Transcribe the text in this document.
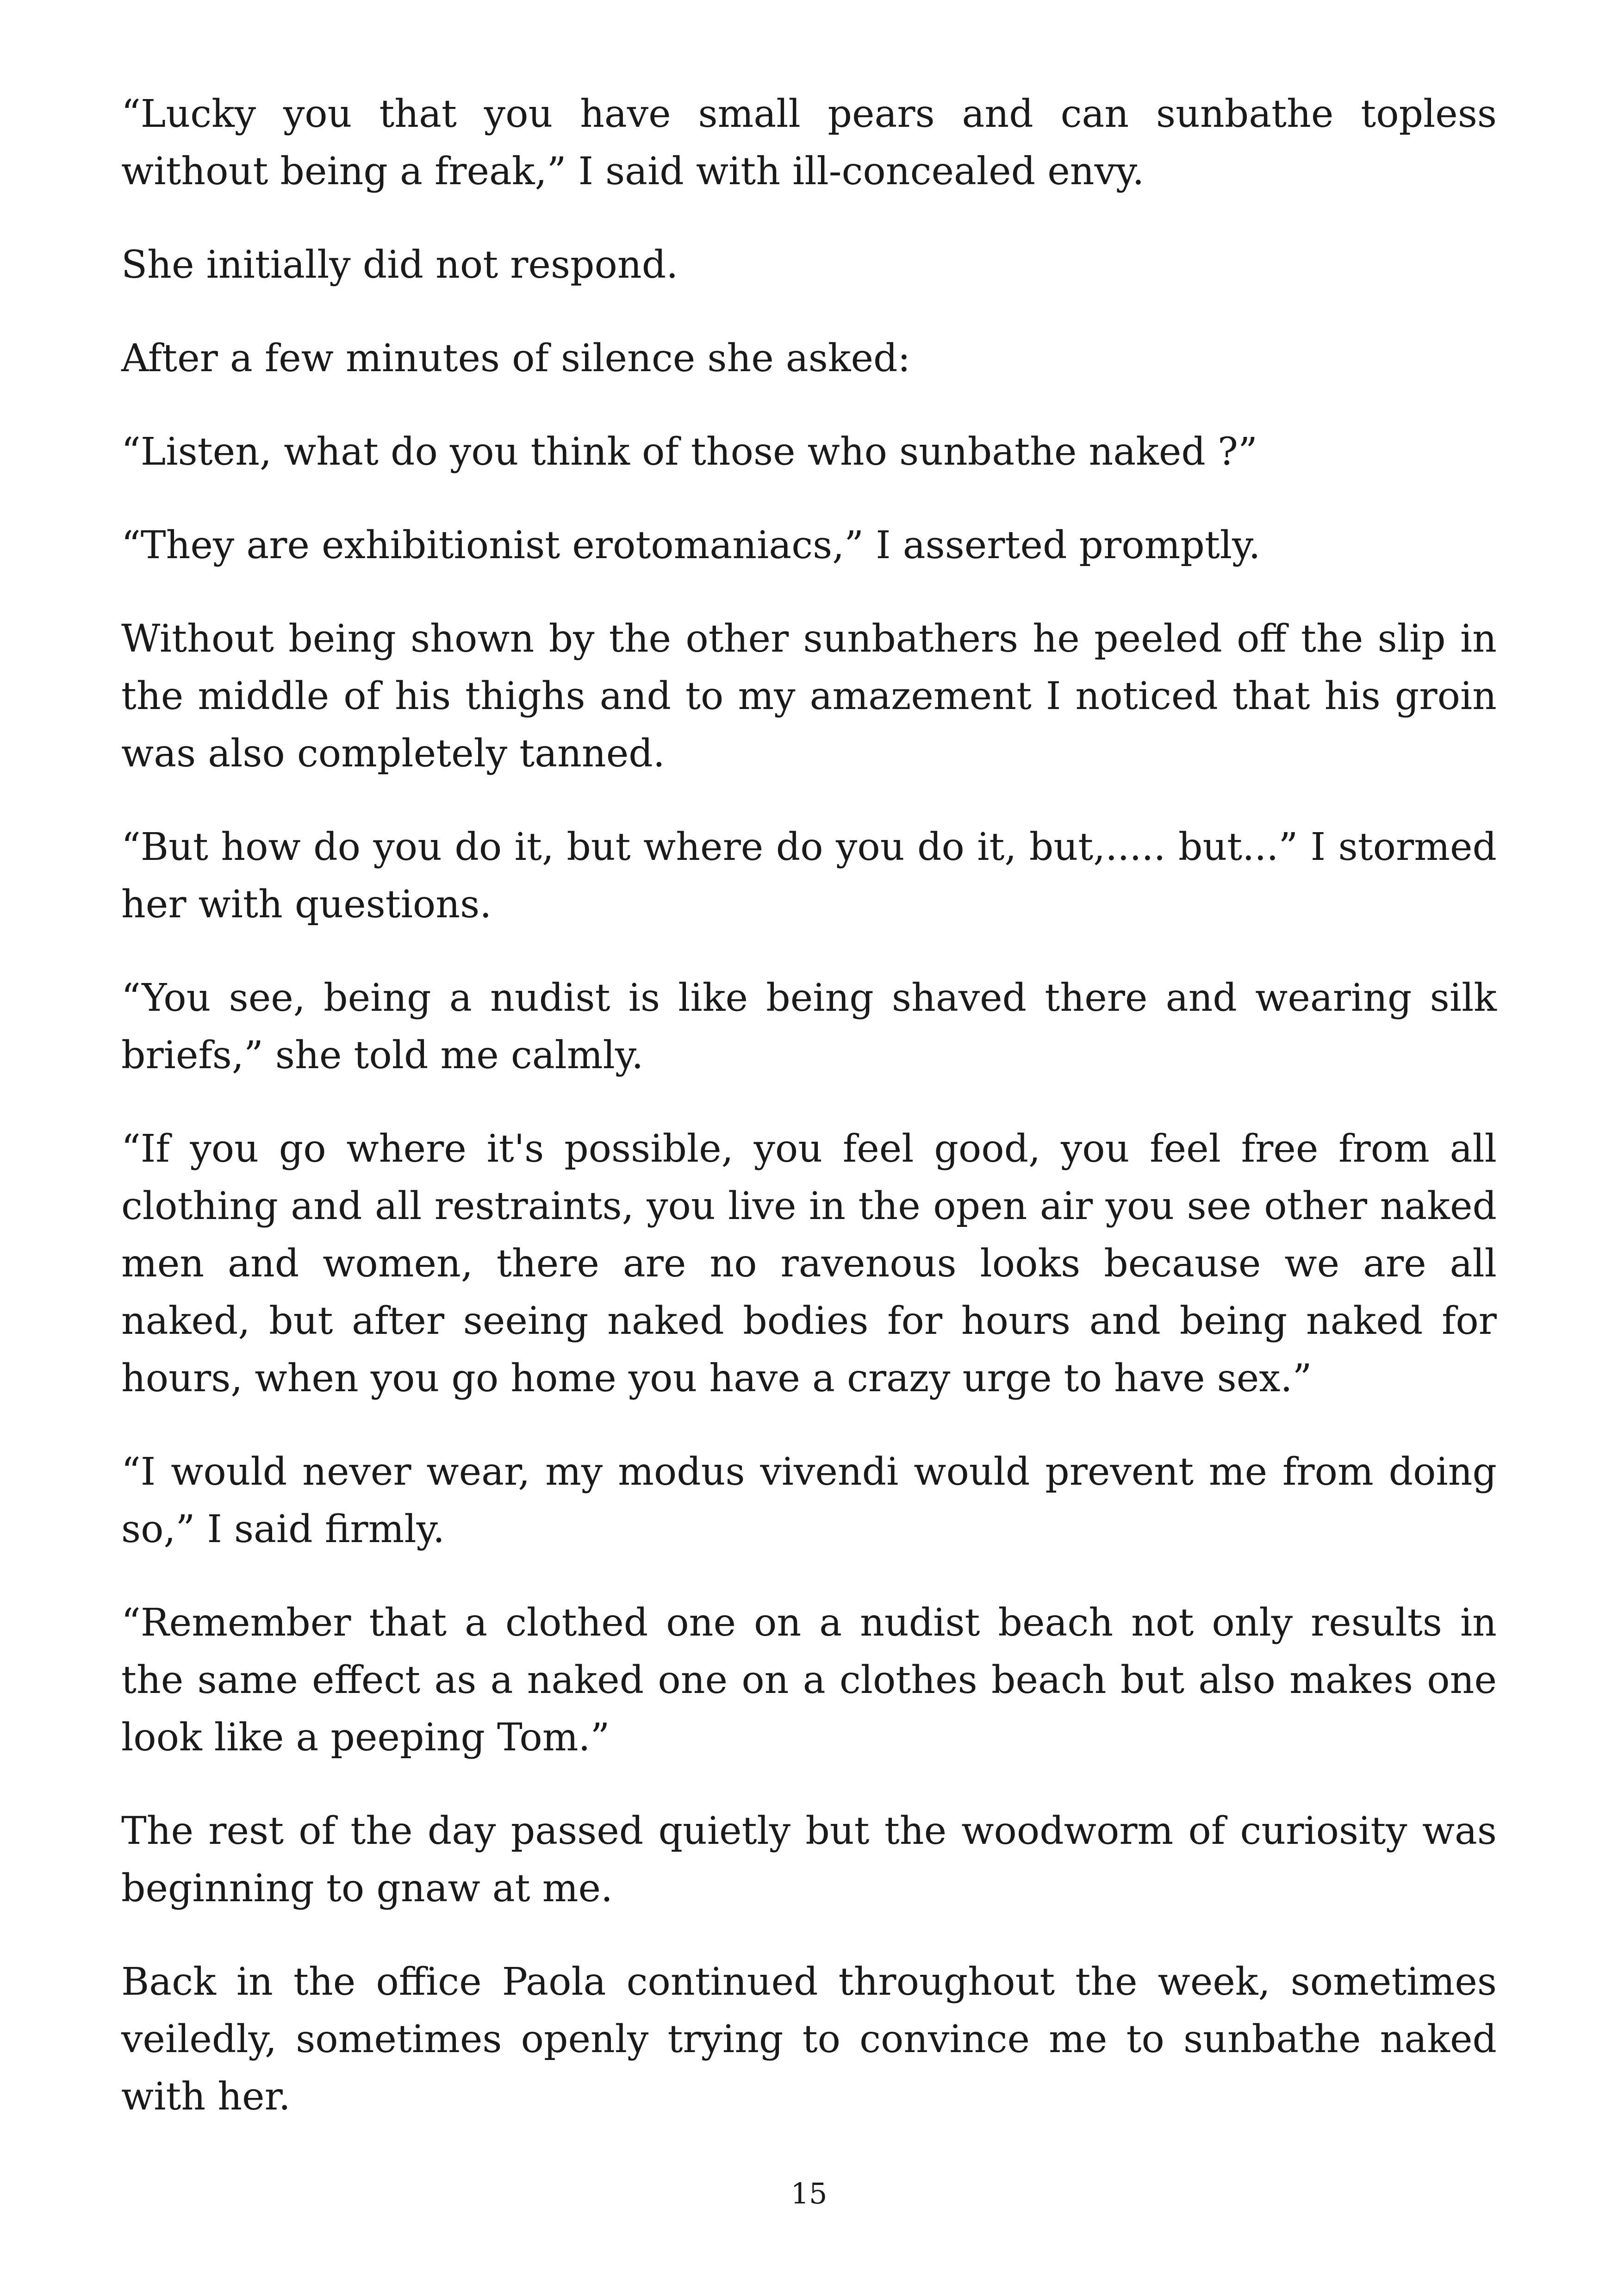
“Lucky you that you have small pears and can sunbathe topless without being a freak,” I said with ill-concealed envy.

She initially did not respond.

After a few minutes of silence she asked:

“Listen, what do you think of those who sunbathe naked ?”

“They are exhibitionist erotomaniacs,” I asserted promptly.

Without being shown by the other sunbathers he peeled off the slip in the middle of his thighs and to my amazement I noticed that his groin was also completely tanned.

“But how do you do it, but where do you do it, but,..... but...” I stormed her with questions.

“You see, being a nudist is like being shaved there and wearing silk briefs,” she told me calmly.

“If you go where it's possible, you feel good, you feel free from all clothing and all restraints, you live in the open air you see other naked men and women, there are no ravenous looks because we are all naked, but after seeing naked bodies for hours and being naked for hours, when you go home you have a crazy urge to have sex.”

“I would never wear, my modus vivendi would prevent me from doing so,” I said firmly.

“Remember that a clothed one on a nudist beach not only results in the same effect as a naked one on a clothes beach but also makes one look like a peeping Tom.”

The rest of the day passed quietly but the woodworm of curiosity was beginning to gnaw at me.

Back in the office Paola continued throughout the week, sometimes veiledly, sometimes openly trying to convince me to sunbathe naked with her.

15
